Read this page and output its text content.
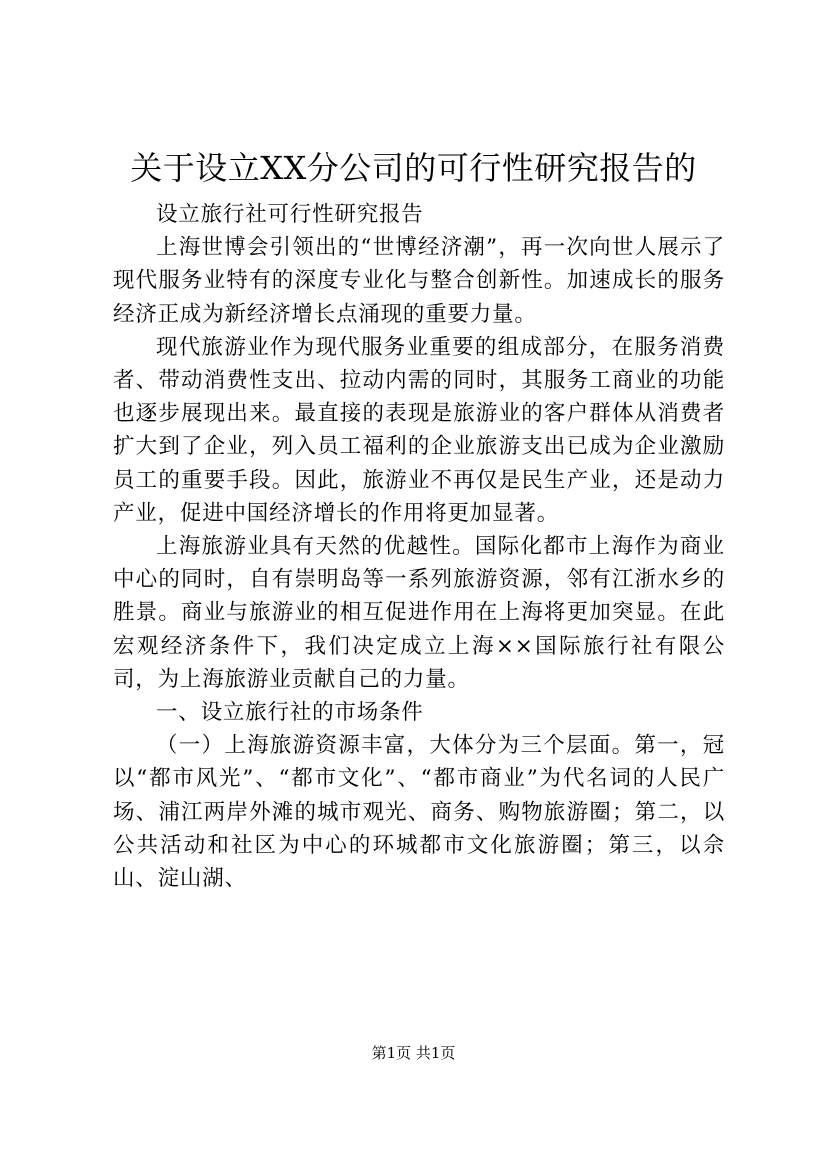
关于设立XX分公司的可行性研究报告的

设立旅行社可行性研究报告

上海世博会引领出的“世博经济潮”，再一次向世人展示了现代服务业特有的深度专业化与整合创新性。加速成长的服务经济正成为新经济增长点涌现的重要力量。

现代旅游业作为现代服务业重要的组成部分，在服务消费者、带动消费性支出、拉动内需的同时，其服务工商业的功能也逐步展现出来。最直接的表现是旅游业的客户群体从消费者扩大到了企业，列入员工福利的企业旅游支出已成为企业激励员工的重要手段。因此，旅游业不再仅是民生产业，还是动力产业，促进中国经济增长的作用将更加显著。

上海旅游业具有天然的优越性。国际化都市上海作为商业中心的同时，自有崇明岛等一系列旅游资源，邻有江浙水乡的胜景。商业与旅游业的相互促进作用在上海将更加突显。在此宏观经济条件下，我们决定成立上海××国际旅行社有限公司，为上海旅游业贡献自己的力量。

一、设立旅行社的市场条件

（一）上海旅游资源丰富，大体分为三个层面。第一，冠以“都市风光”、“都市文化”、“都市商业”为代名词的人民广场、浦江两岸外滩的城市观光、商务、购物旅游圈；第二，以公共活动和社区为中心的环城都市文化旅游圈；第三，以佘山、淀山湖、

第1页 共1页
